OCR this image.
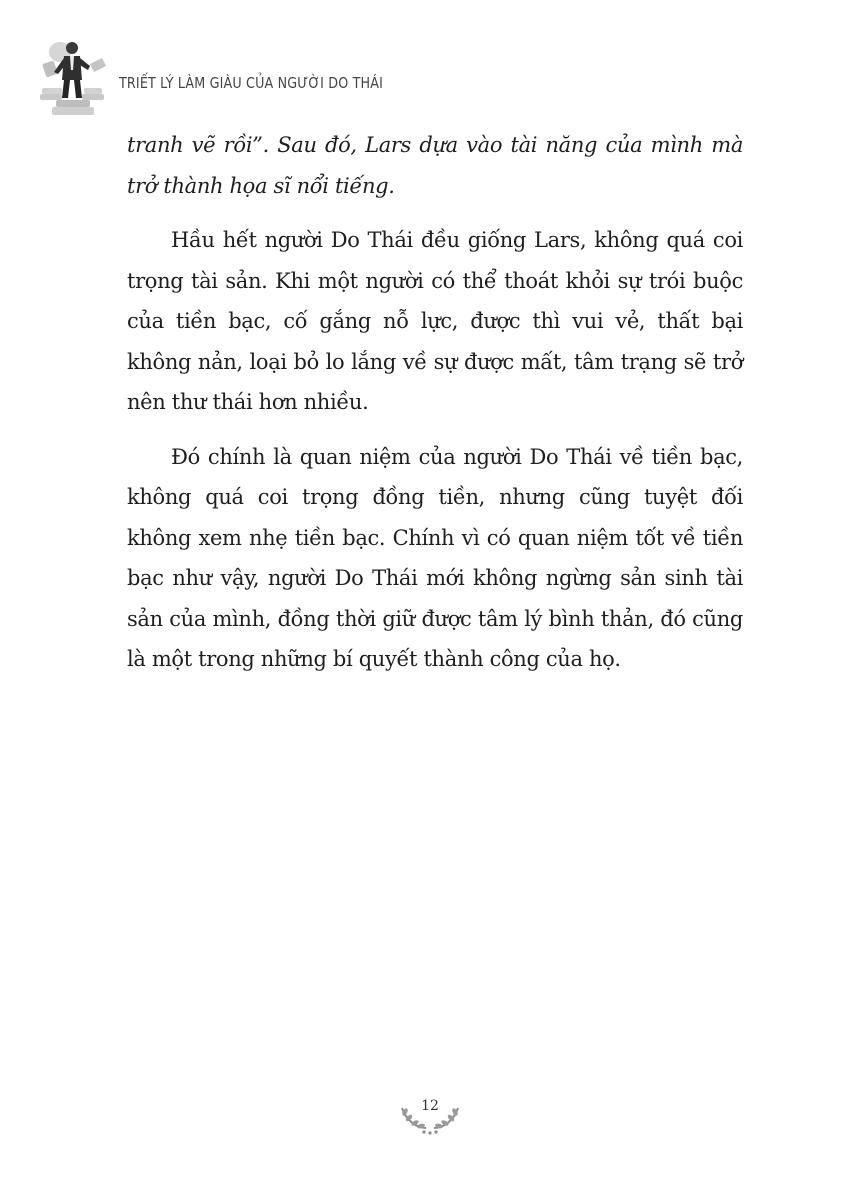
TRIẾT LÝ LÀM GIÀU CỦA NGƯỜI DO THÁI

tranh vẽ rồi”. Sau đó, Lars dựa vào tài năng của mình mà trở thành họa sĩ nổi tiếng.

Hầu hết người Do Thái đều giống Lars, không quá coi trọng tài sản. Khi một người có thể thoát khỏi sự trói buộc của tiền bạc, cố gắng nỗ lực, được thì vui vẻ, thất bại không nản, loại bỏ lo lắng về sự được mất, tâm trạng sẽ trở nên thư thái hơn nhiều.

Đó chính là quan niệm của người Do Thái về tiền bạc, không quá coi trọng đồng tiền, nhưng cũng tuyệt đối không xem nhẹ tiền bạc. Chính vì có quan niệm tốt về tiền bạc như vậy, người Do Thái mới không ngừng sản sinh tài sản của mình, đồng thời giữ được tâm lý bình thản, đó cũng là một trong những bí quyết thành công của họ.

12
